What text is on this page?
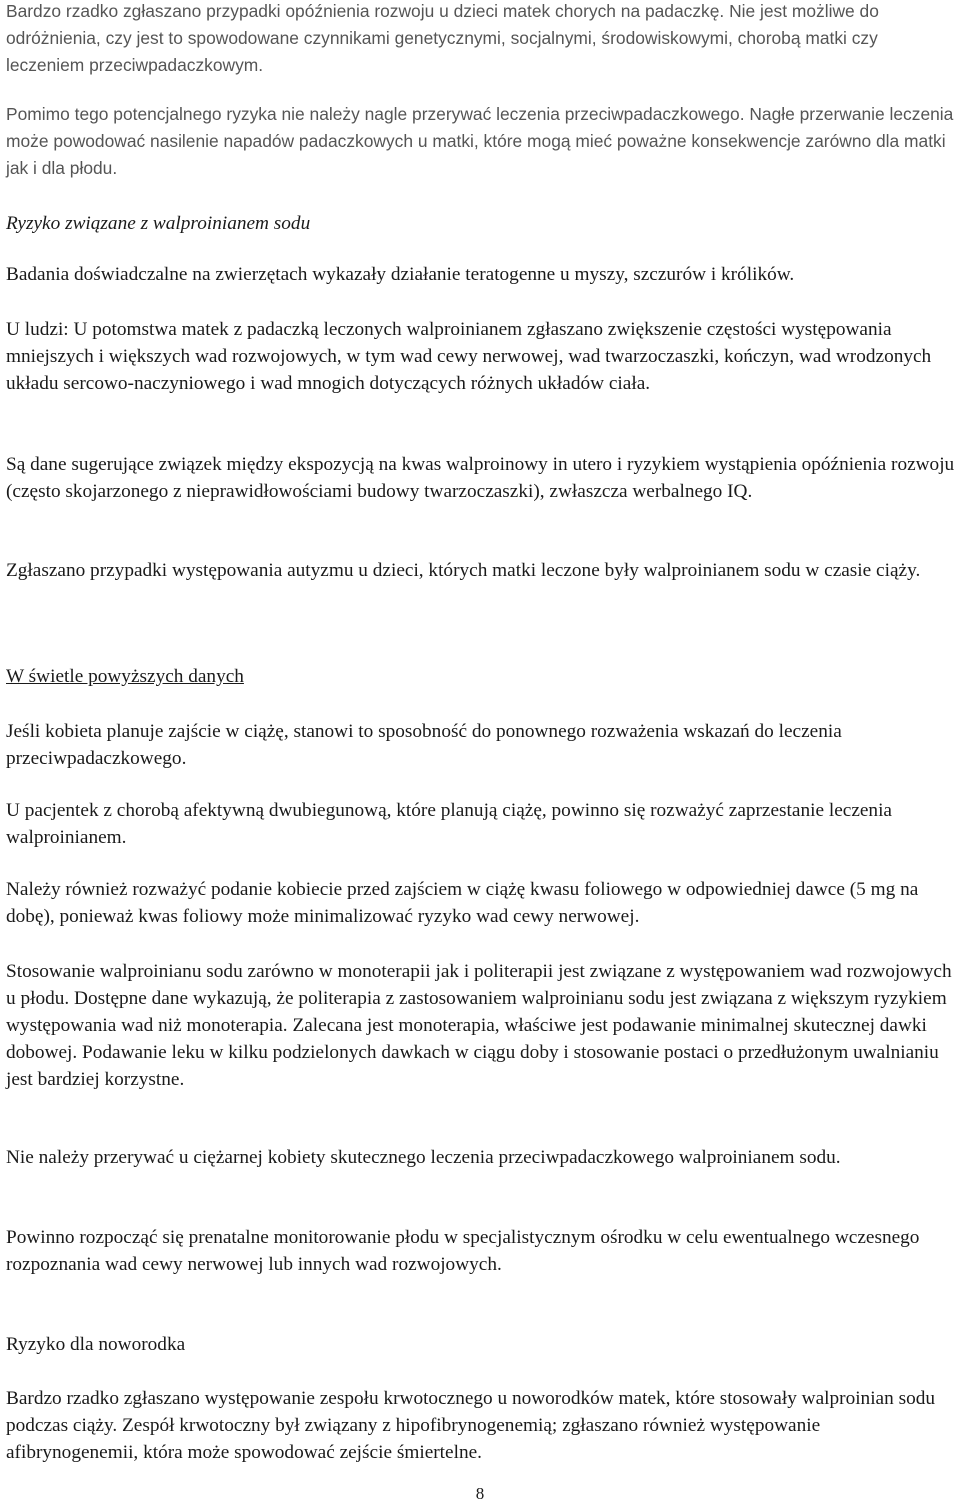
Bardzo rzadko zgłaszano przypadki opóźnienia rozwoju u dzieci matek chorych na padaczkę. Nie jest możliwe do odróżnienia, czy jest to spowodowane czynnikami genetycznymi, socjalnymi, środowiskowymi, chorobą matki czy leczeniem przeciwpadaczkowym.

Pomimo tego potencjalnego ryzyka nie należy nagle przerywać leczenia przeciwpadaczkowego. Nagłe przerwanie leczenia może powodować nasilenie napadów padaczkowych u matki, które mogą mieć poważne konsekwencje zarówno dla matki jak i dla płodu.

Ryzyko związane z walproinianem sodu

Badania doświadczalne na zwierzętach wykazały działanie teratogenne u myszy, szczurów i królików.

U ludzi: U potomstwa matek z padaczką leczonych walproinianem zgłaszano zwiększenie częstości występowania mniejszych i większych wad rozwojowych, w tym wad cewy nerwowej, wad twarzoczaszki, kończyn, wad wrodzonych układu sercowo-naczyniowego i wad mnogich dotyczących różnych układów ciała.

Są dane sugerujące związek między ekspozycją na kwas walproinowy in utero i ryzykiem wystąpienia opóźnienia rozwoju (często skojarzonego z nieprawidłowościami budowy twarzoczaszki), zwłaszcza werbalnego IQ.

Zgłaszano przypadki występowania autyzmu u dzieci, których matki leczone były walproinianem sodu w czasie ciąży.

W świetle powyższych danych

Jeśli kobieta planuje zajście w ciążę, stanowi to sposobność do ponownego rozważenia wskazań do leczenia przeciwpadaczkowego.

U pacjentek z chorobą afektywną dwubiegunową, które planują ciążę, powinno się rozważyć zaprzestanie leczenia walproinianem.

Należy również rozważyć podanie kobiecie przed zajściem w ciążę kwasu foliowego w odpowiedniej dawce (5 mg na dobę), ponieważ kwas foliowy może minimalizować ryzyko wad cewy nerwowej.

Stosowanie walproinianu sodu zarówno w monoterapii jak i politerapii jest związane z występowaniem wad rozwojowych u płodu. Dostępne dane wykazują, że politerapia z zastosowaniem walproinianu sodu jest związana z większym ryzykiem występowania wad niż monoterapia. Zalecana jest monoterapia, właściwe jest podawanie minimalnej skutecznej dawki dobowej. Podawanie leku w kilku podzielonych dawkach w ciągu doby i stosowanie postaci o przedłużonym uwalnianiu jest bardziej korzystne.

Nie należy przerywać u ciężarnej kobiety skutecznego leczenia przeciwpadaczkowego walproinianem sodu.

Powinno rozpocząć się prenatalne monitorowanie płodu w specjalistycznym ośrodku w celu ewentualnego wczesnego rozpoznania wad cewy nerwowej lub innych wad rozwojowych.

Ryzyko dla noworodka

Bardzo rzadko zgłaszano występowanie zespołu krwotocznego u noworodków matek, które stosowały walproinian sodu podczas ciąży. Zespół krwotoczny był związany z hipofibrynogenemią; zgłaszano również występowanie afibrynogenemii, która może spowodować zejście śmiertelne.

8
